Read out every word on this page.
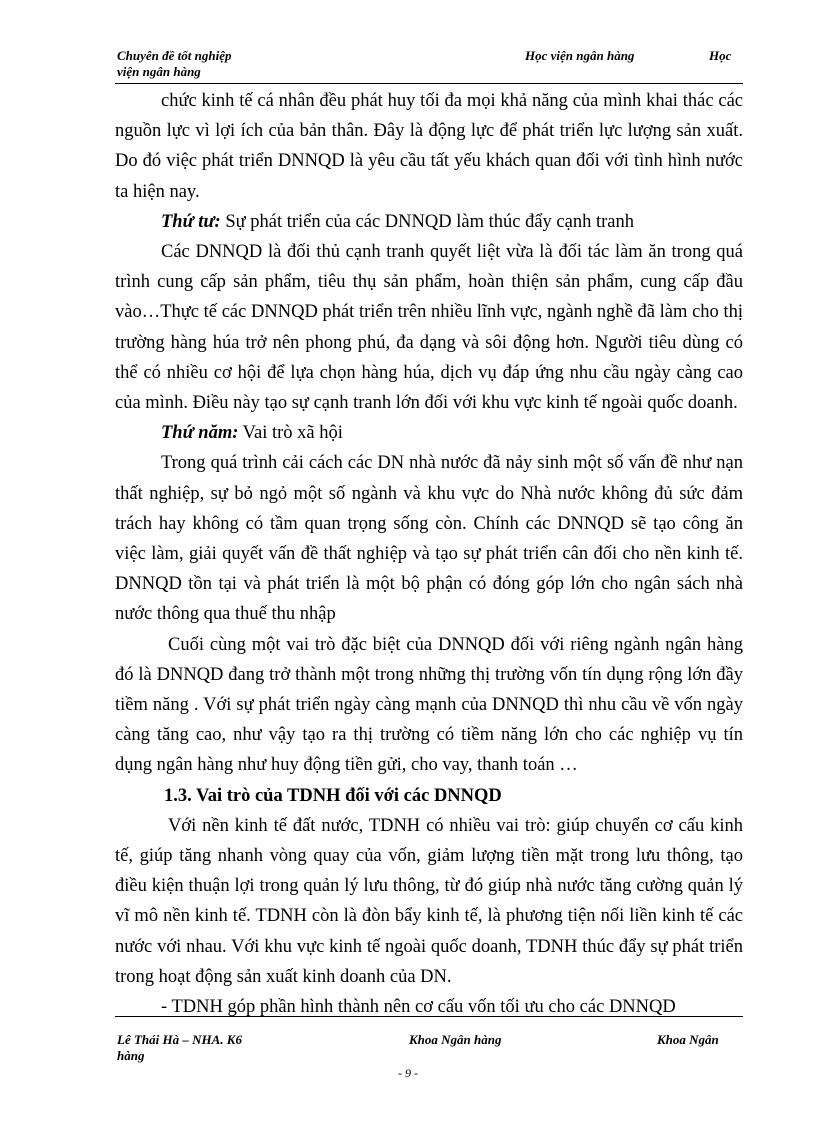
Chuyên đề tốt nghiệp	Học viện ngân hàng	Học
viện ngân hàng

chức kinh tế cá nhân đều phát huy tối đa mọi khả năng của mình khai thác các nguồn lực vì lợi ích của bản thân. Đây là động lực để phát triển lực lượng sản xuất. Do đó việc phát triển DNNQD là yêu cầu tất yếu khách quan đối với tình hình nước ta hiện nay.

Thứ tư: Sự phát triển của các DNNQD làm thúc đẩy cạnh tranh

Các DNNQD là đối thủ cạnh tranh quyết liệt vừa là đối tác làm ăn trong quá trình cung cấp sản phẩm, tiêu thụ sản phẩm, hoàn thiện sản phẩm, cung cấp đầu vào…Thực tế các DNNQD phát triển trên nhiều lĩnh vực, ngành nghề đã làm cho thị trường hàng húa trở nên phong phú, đa dạng và sôi động hơn. Người tiêu dùng có thể có nhiều cơ hội để lựa chọn hàng húa, dịch vụ đáp ứng nhu cầu ngày càng cao của mình. Điều này tạo sự cạnh tranh lớn đối với khu vực kinh tế ngoài quốc doanh.

Thứ năm: Vai trò xã hội

Trong quá trình cải cách các DN nhà nước đã nảy sinh một số vấn đề như nạn thất nghiệp, sự bỏ ngỏ một số ngành và khu vực do Nhà nước không đủ sức đảm trách hay không có tầm quan trọng sống còn. Chính các DNNQD sẽ tạo công ăn việc làm, giải quyết vấn đề thất nghiệp và tạo sự phát triển cân đối cho nền kinh tế. DNNQD tồn tại và phát triển là một bộ phận có đóng góp lớn cho ngân sách nhà nước thông qua thuế thu nhập

Cuối cùng một vai trò đặc biệt của DNNQD đối với riêng ngành ngân hàng đó là DNNQD đang trở thành một trong những thị trường vốn tín dụng rộng lớn đầy tiềm năng . Với sự phát triển ngày càng mạnh của DNNQD thì nhu cầu về vốn ngày càng tăng cao, như vậy tạo ra thị trường có tiềm năng lớn cho các nghiệp vụ tín dụng ngân hàng như huy động tiền gửi, cho vay, thanh toán …

1.3. Vai trò của TDNH đối với các DNNQD

Với nền kinh tế đất nước, TDNH có nhiều vai trò: giúp chuyển cơ cấu kinh tế, giúp tăng nhanh vòng quay của vốn, giảm lượng tiền mặt trong lưu thông, tạo điều kiện thuận lợi trong quản lý lưu thông, từ đó giúp nhà nước tăng cường quản lý vĩ mô nền kinh tế. TDNH còn là đòn bẩy kinh tế, là phương tiện nối liền kinh tế các nước với nhau. Với khu vực kinh tế ngoài quốc doanh, TDNH thúc đẩy sự phát triển trong hoạt động sản xuất kinh doanh của DN.

- TDNH góp phần hình thành nên cơ cấu vốn tối ưu cho các DNNQD

Lê Thái Hà – NHA. K6	Khoa Ngân hàng	Khoa Ngân
hàng
- 9 -
